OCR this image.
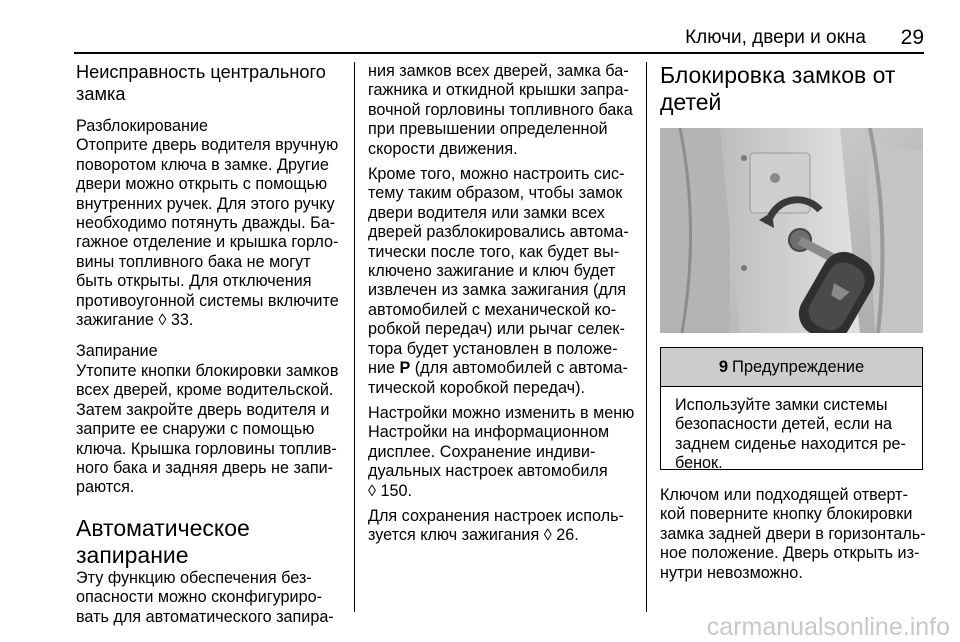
Ключи, двери и окна 29
Неисправность центрального
замка
Разблокирование
Отоприте дверь водителя вручную
поворотом ключа в замке. Другие
двери можно открыть с помощью
внутренних ручек. Для этого ручку
необходимо потянуть дважды. Ба-
гажное отделение и крышка горло-
вины топливного бака не могут
быть открыты. Для отключения
противоугонной системы включите
зажигание ◊ 33.
Запирание
Утопите кнопки блокировки замков
всех дверей, кроме водительской.
Затем закройте дверь водителя и
заприте ее снаружи с помощью
ключа. Крышка горловины топлив-
ного бака и задняя дверь не запи-
раются.
Автоматическое
запирание
Эту функцию обеспечения без-
опасности можно сконфигуриро-
вать для автоматического запира-
ния замков всех дверей, замка ба-
гажника и откидной крышки запра-
вочной горловины топливного бака
при превышении определенной
скорости движения.
Кроме того, можно настроить сис-
тему таким образом, чтобы замок
двери водителя или замки всех
дверей разблокировались автома-
тически после того, как будет вы-
ключено зажигание и ключ будет
извлечен из замка зажигания (для
автомобилей с механической ко-
робкой передач) или рычаг селек-
тора будет установлен в положе-
ние P (для автомобилей с автома-
тической коробкой передач).
Настройки можно изменить в меню
Настройки на информационном
дисплее. Сохранение индиви-
дуальных настроек автомобиля
◊ 150.
Для сохранения настроек исполь-
зуется ключ зажигания ◊ 26.
Блокировка замков от
детей
9 Предупреждение
Используйте замки системы
безопасности детей, если на
заднем сиденье находится ре-
бенок.
Ключом или подходящей отверт-
кой поверните кнопку блокировки
замка задней двери в горизонталь-
ное положение. Дверь открыть из-
нутри невозможно.
carmanualsonline.info
